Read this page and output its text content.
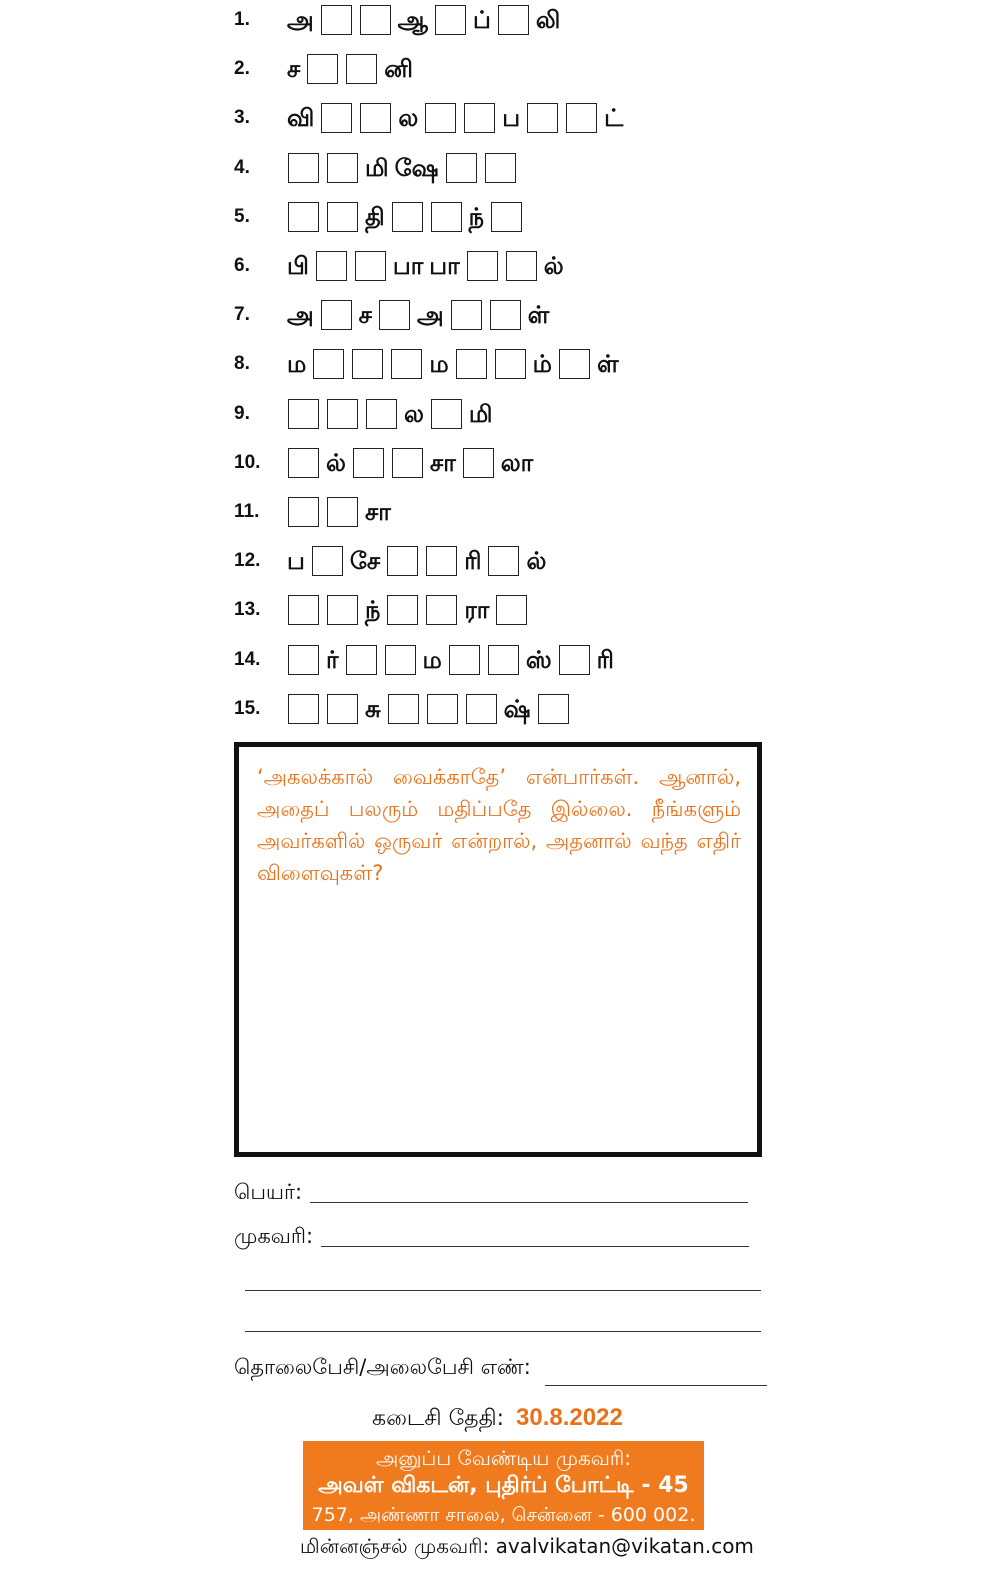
1.	அ	ஆ ப் லி
2.	ச	னி
3.	வி	ல	ப	ட்
4.	மி ஷே
5.	தி	ந்
6.	பி	பா பா	ல்
7.	அ ச அ	ள்
8.	ம	ம	ம் ள்
9.	ல மி
10.	ல்	சா லா
11.	சா
12.	ப சே	ரி ல்
13.	ந்	ரா
14.	ர்	ம	ஸ் ரி
15.	சு	ஷ்
‘அகலக்கால் வைக்காதே’ என்பார்கள். ஆனால், அதைப் பலரும் மதிப்பதே இல்லை. நீங்களும் அவர்களில் ஒருவர் என்றால், அதனால் வந்த எதிர் விளைவுகள்?
பெயர்:
முகவரி:
தொலைபேசி/அலைபேசி எண்:
கடைசி தேதி: 30.8.2022
அனுப்ப வேண்டிய முகவரி:
அவள் விகடன், புதிர்ப் போட்டி - 45
757, அண்ணா சாலை, சென்னை - 600 002.
மின்னஞ்சல் முகவரி: avalvikatan@vikatan.com
